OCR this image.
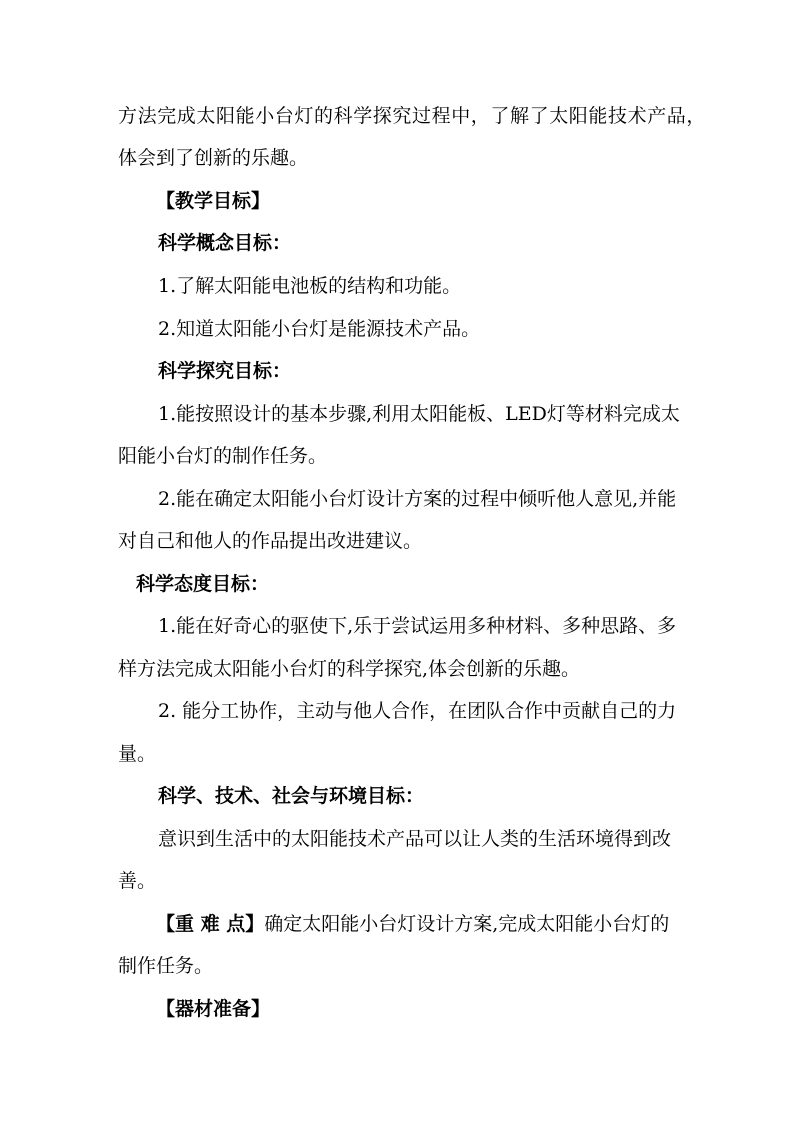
方法完成太阳能小台灯的科学探究过程中，了解了太阳能技术产品，
体会到了创新的乐趣。
【教学目标】
科学概念目标：
1.了解太阳能电池板的结构和功能。
2.知道太阳能小台灯是能源技术产品。
科学探究目标：
1.能按照设计的基本步骤,利用太阳能板、LED灯等材料完成太
阳能小台灯的制作任务。
2.能在确定太阳能小台灯设计方案的过程中倾听他人意见,并能
对自己和他人的作品提出改进建议。
科学态度目标：
1.能在好奇心的驱使下,乐于尝试运用多种材料、多种思路、多
样方法完成太阳能小台灯的科学探究,体会创新的乐趣。
2. 能分工协作，主动与他人合作，在团队合作中贡献自己的力
量。
科学、技术、社会与环境目标：
意识到生活中的太阳能技术产品可以让人类的生活环境得到改
善。
【重 难 点】确定太阳能小台灯设计方案,完成太阳能小台灯的
制作任务。
【器材准备】
